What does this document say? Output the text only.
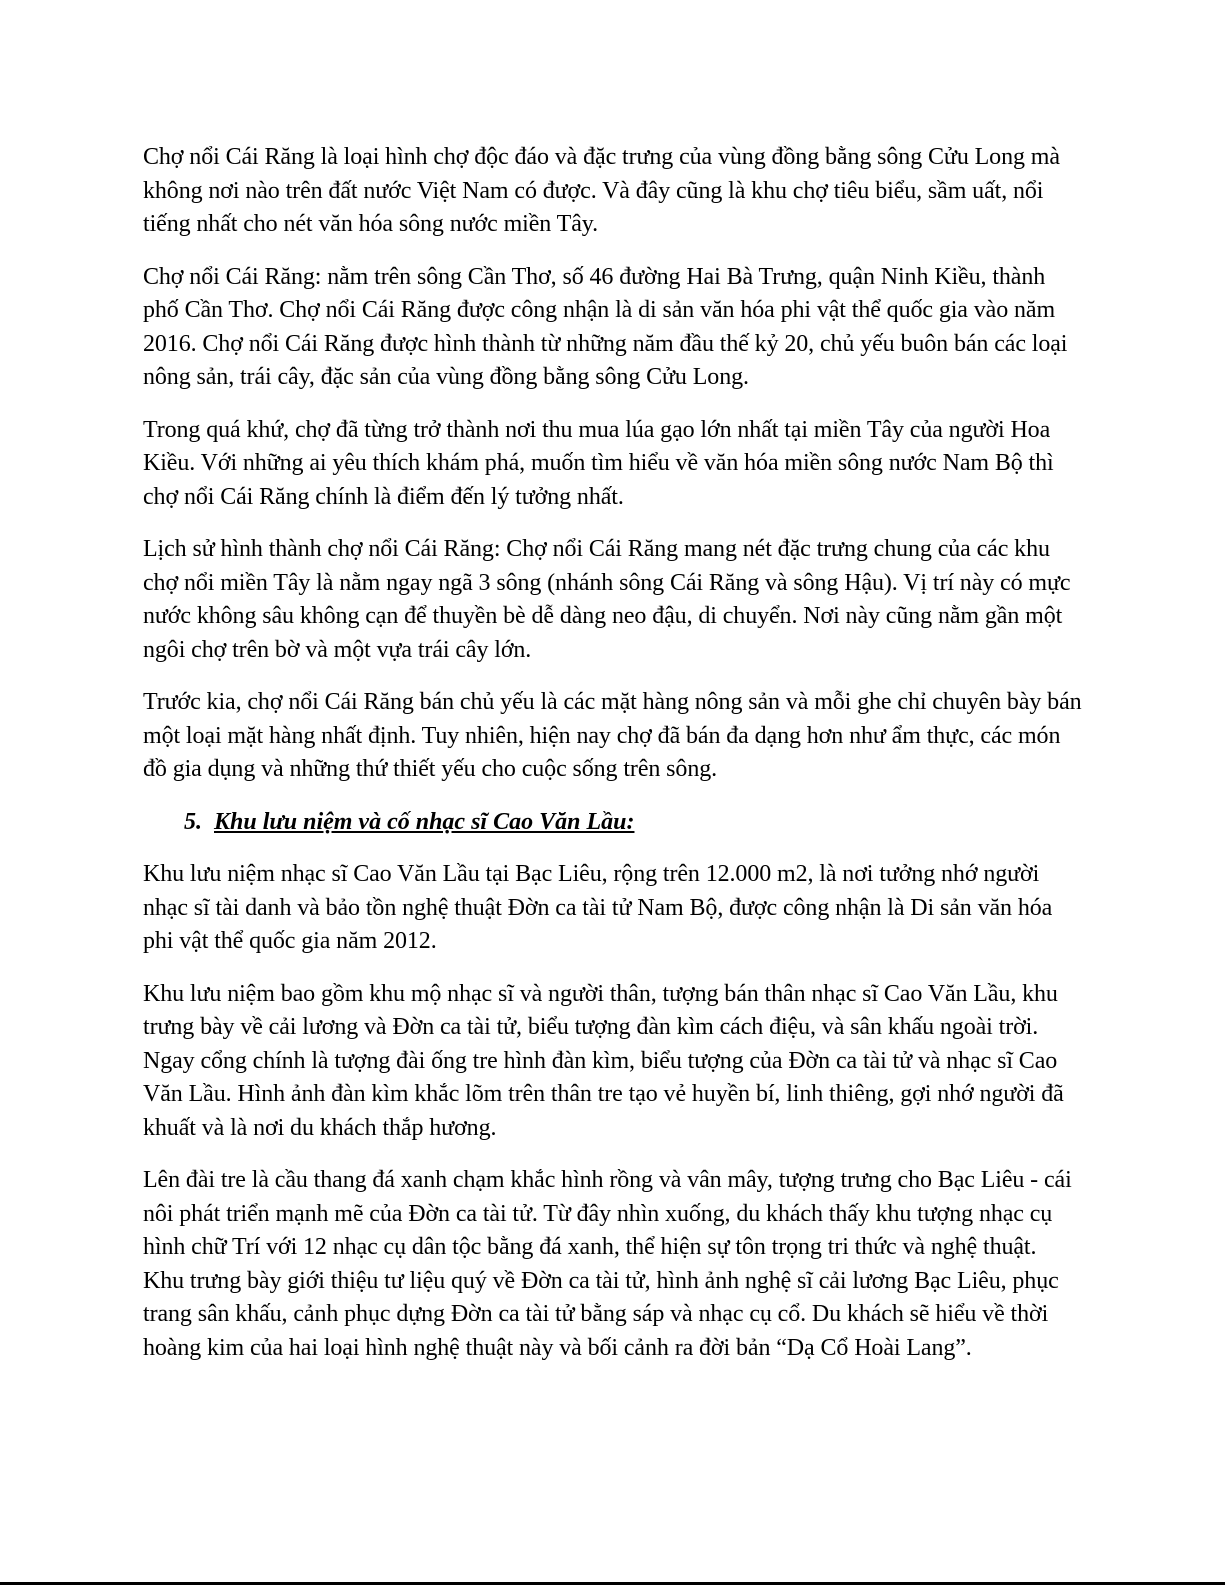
Chợ nổi Cái Răng là loại hình chợ độc đáo và đặc trưng của vùng đồng bằng sông Cửu Long mà không nơi nào trên đất nước Việt Nam có được. Và đây cũng là khu chợ tiêu biểu, sầm uất, nổi tiếng nhất cho nét văn hóa sông nước miền Tây.

Chợ nổi Cái Răng: nằm trên sông Cần Thơ, số 46 đường Hai Bà Trưng, quận Ninh Kiều, thành phố Cần Thơ. Chợ nổi Cái Răng được công nhận là di sản văn hóa phi vật thể quốc gia vào năm 2016. Chợ nổi Cái Răng được hình thành từ những năm đầu thế kỷ 20, chủ yếu buôn bán các loại nông sản, trái cây, đặc sản của vùng đồng bằng sông Cửu Long.

Trong quá khứ, chợ đã từng trở thành nơi thu mua lúa gạo lớn nhất tại miền Tây của người Hoa Kiều. Với những ai yêu thích khám phá, muốn tìm hiểu về văn hóa miền sông nước Nam Bộ thì chợ nổi Cái Răng chính là điểm đến lý tưởng nhất.

Lịch sử hình thành chợ nổi Cái Răng: Chợ nổi Cái Răng mang nét đặc trưng chung của các khu chợ nổi miền Tây là nằm ngay ngã 3 sông (nhánh sông Cái Răng và sông Hậu). Vị trí này có mực nước không sâu không cạn để thuyền bè dễ dàng neo đậu, di chuyển. Nơi này cũng nằm gần một ngôi chợ trên bờ và một vựa trái cây lớn.

Trước kia, chợ nổi Cái Răng bán chủ yếu là các mặt hàng nông sản và mỗi ghe chỉ chuyên bày bán một loại mặt hàng nhất định. Tuy nhiên, hiện nay chợ đã bán đa dạng hơn như ẩm thực, các món đồ gia dụng và những thứ thiết yếu cho cuộc sống trên sông.

5. Khu lưu niệm và cố nhạc sĩ Cao Văn Lầu:

Khu lưu niệm nhạc sĩ Cao Văn Lầu tại Bạc Liêu, rộng trên 12.000 m2, là nơi tưởng nhớ người nhạc sĩ tài danh và bảo tồn nghệ thuật Đờn ca tài tử Nam Bộ, được công nhận là Di sản văn hóa phi vật thể quốc gia năm 2012.

Khu lưu niệm bao gồm khu mộ nhạc sĩ và người thân, tượng bán thân nhạc sĩ Cao Văn Lầu, khu trưng bày về cải lương và Đờn ca tài tử, biểu tượng đàn kìm cách điệu, và sân khấu ngoài trời. Ngay cổng chính là tượng đài ống tre hình đàn kìm, biểu tượng của Đờn ca tài tử và nhạc sĩ Cao Văn Lầu. Hình ảnh đàn kìm khắc lõm trên thân tre tạo vẻ huyền bí, linh thiêng, gợi nhớ người đã khuất và là nơi du khách thắp hương.

Lên đài tre là cầu thang đá xanh chạm khắc hình rồng và vân mây, tượng trưng cho Bạc Liêu - cái nôi phát triển mạnh mẽ của Đờn ca tài tử. Từ đây nhìn xuống, du khách thấy khu tượng nhạc cụ hình chữ Trí với 12 nhạc cụ dân tộc bằng đá xanh, thể hiện sự tôn trọng tri thức và nghệ thuật. Khu trưng bày giới thiệu tư liệu quý về Đờn ca tài tử, hình ảnh nghệ sĩ cải lương Bạc Liêu, phục trang sân khấu, cảnh phục dựng Đờn ca tài tử bằng sáp và nhạc cụ cổ. Du khách sẽ hiểu về thời hoàng kim của hai loại hình nghệ thuật này và bối cảnh ra đời bản “Dạ Cổ Hoài Lang”.
